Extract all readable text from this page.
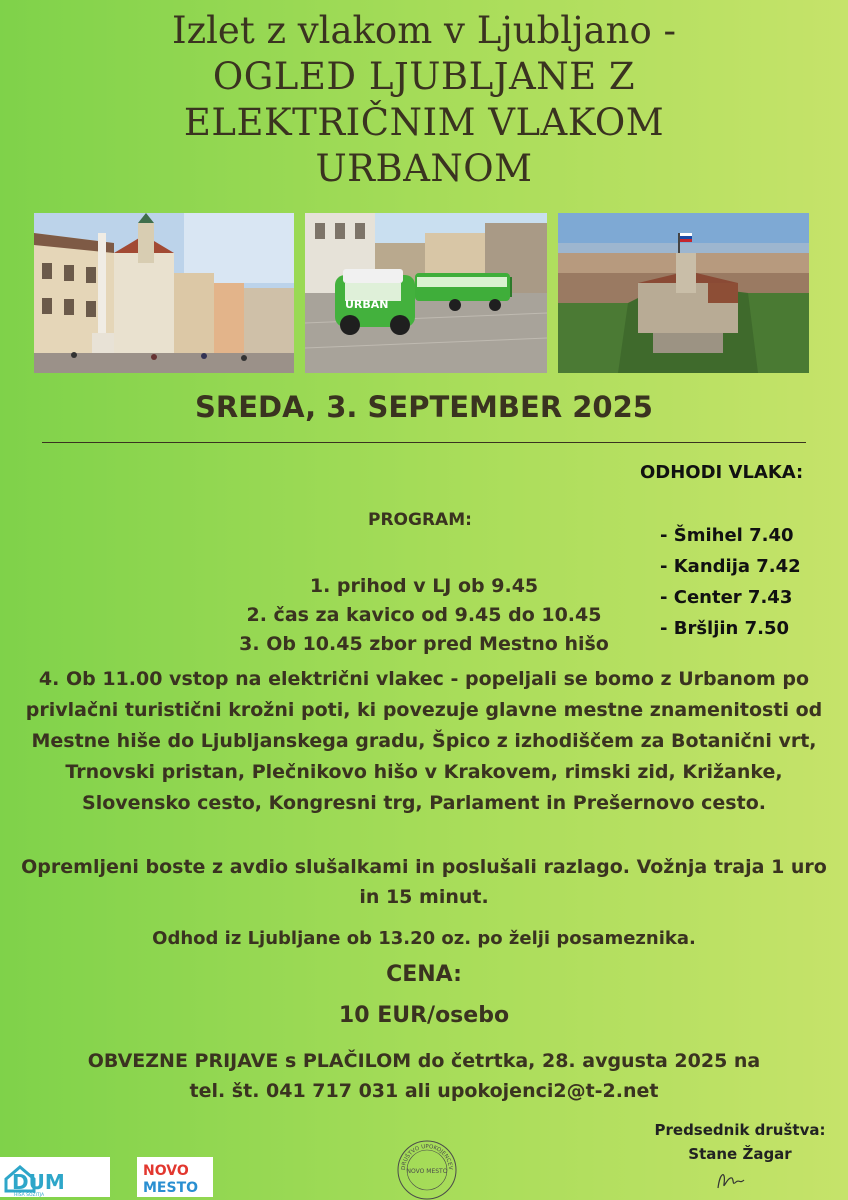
Izlet z vlakom v Ljubljano -
OGLED LJUBLJANE Z
ELEKTRIČNIM VLAKOM
URBANOM
URBAN
SREDA, 3. SEPTEMBER 2025
ODHODI VLAKA:
- Šmihel 7.40
- Kandija 7.42
- Center 7.43
- Bršljin 7.50
PROGRAM:
1. prihod v LJ ob 9.45
2. čas za kavico od 9.45 do 10.45
3. Ob 10.45 zbor pred Mestno hišo
4. Ob 11.00 vstop na električni vlakec - popeljali se bomo z Urbanom po
privlačni turistični krožni poti, ki povezuje glavne mestne znamenitosti od
Mestne hiše do Ljubljanskega gradu, Špico z izhodiščem za Botanični vrt,
Trnovski pristan, Plečnikovo hišo v Krakovem, rimski zid, Križanke,
Slovensko cesto, Kongresni trg, Parlament in Prešernovo cesto.
Opremljeni boste z avdio slušalkami in poslušali razlago. Vožnja traja 1 uro
in 15 minut.
Odhod iz Ljubljane ob 13.20 oz. po želji posameznika.
CENA:
10 EUR/osebo
OBVEZNE PRIJAVE s PLAČILOM do četrtka, 28. avgusta 2025 na
tel. št. 041 717 031 ali upokojenci2@t-2.net
Predsednik društva:
Stane Žagar
DUM
HIŠA SOŽITJA
NOVO
MESTO
DRUŠTVO UPOKOJENCEV
NOVO MESTO
